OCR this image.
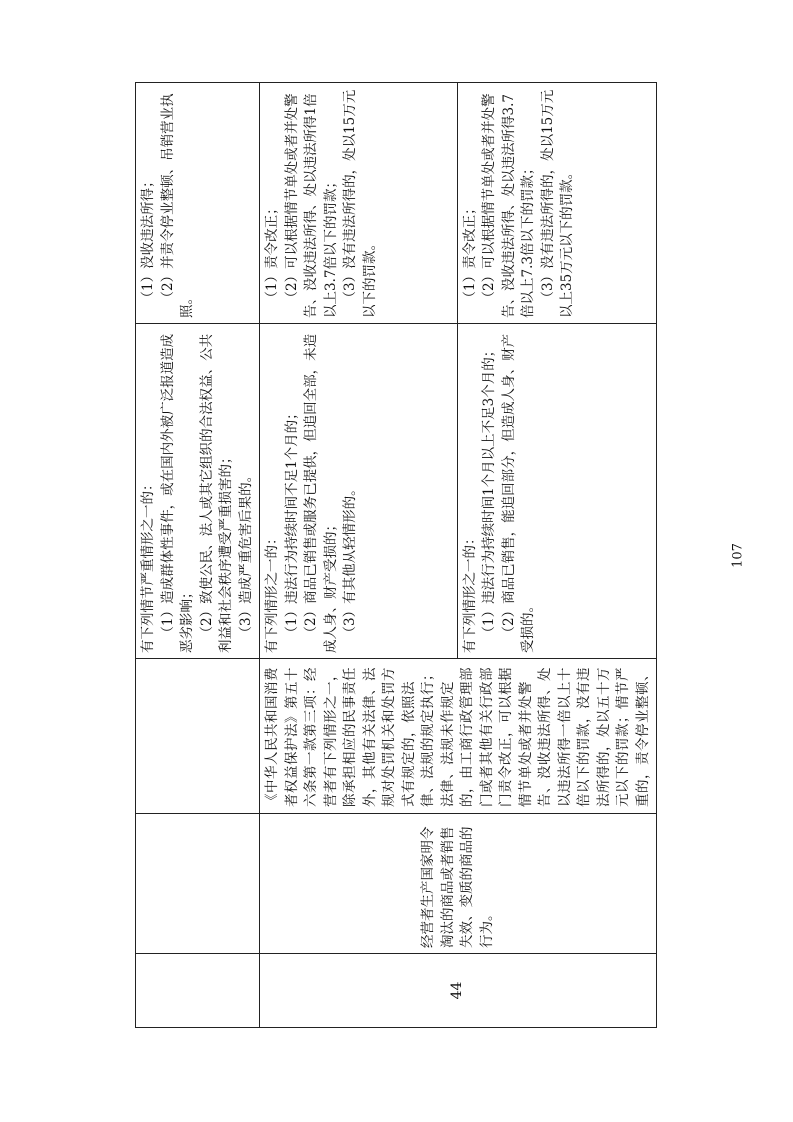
			有下列情节严重情形之一的： （1）造成群体性事件，或在国内外被广泛报道造成恶劣影响； （2）致使公民、法人或其它组织的合法权益、公共利益和社会秩序遭受严重损害的； （3）造成严重危害后果的。	（1）没收违法所得； （2）并责令停业整顿、吊销营业执照。

44	经营者生产国家明令淘汰的商品或者销售失效、变质的商品的行为。	《中华人民共和国消费者权益保护法》第五十六条第一款第三项：经营者有下列情形之一，除承担相应的民事责任外，其他有关法律、法规对处罚机关和处罚方式有规定的，依照法律、法规的规定执行；法律、法规未作规定的，由工商行政管理部门或者其他有关行政部门责令改正，可以根据情节单处或者并处警告、没收违法所得、处以违法所得一倍以上十倍以下的罚款，没有违法所得的，处以五十万元以下的罚款；情节严重的，责令停业整顿、	有下列情形之一的： （1）违法行为持续时间不足1个月的； （2）商品已销售或服务已提供，但追回全部，未造成人身、财产受损的； （3）有其他从轻情形的。	（1）责令改正； （2）可以根据情节单处或者并处警告、没收违法所得、处以违法所得1倍以上3.7倍以下的罚款； （3）没有违法所得的，处以15万元以下的罚款。

			有下列情形之一的： （1）违法行为持续时间1个月以上不足3个月的； （2）商品已销售，能追回部分，但造成人身、财产受损的。	（1）责令改正； （2）可以根据情节单处或者并处警告、没收违法所得、处以违法所得3.7倍以上7.3倍以下的罚款； （3）没有违法所得的，处以15万元以上35万元以下的罚款。
107
